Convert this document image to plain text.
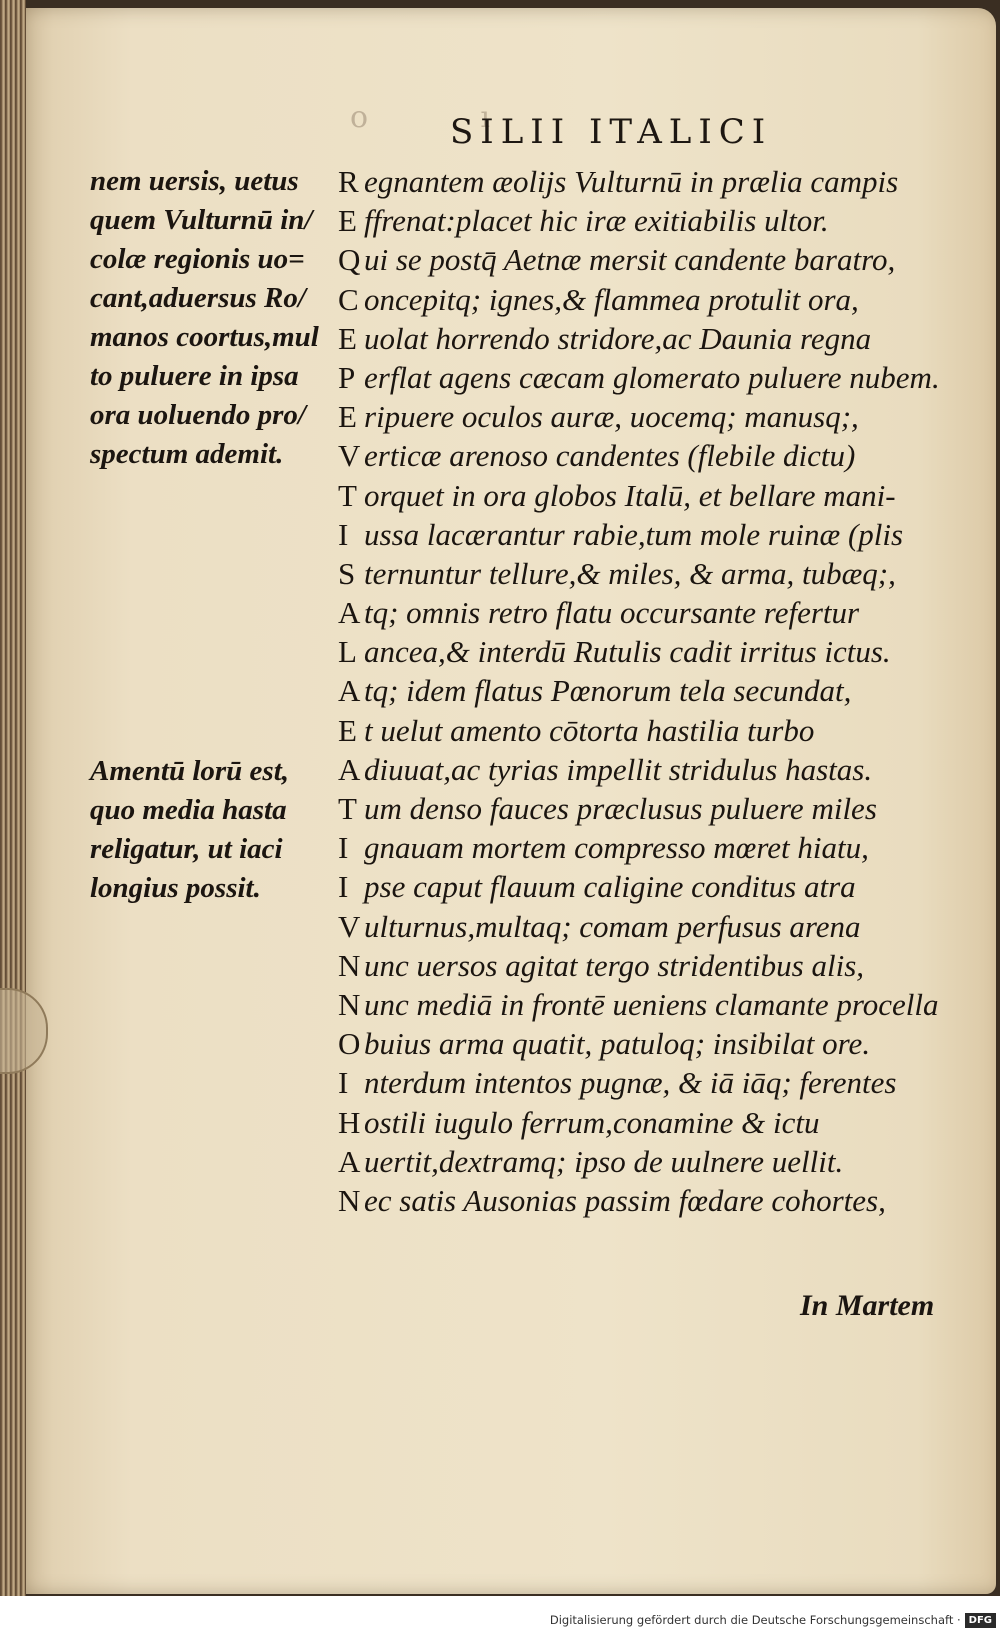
o        ı
SILII ITALICI
nem uersis, uetus
quem Vulturnū in/
colæ regionis uo=
cant,aduersus Ro/
manos coortus,mul
to puluere in ipsa
ora uoluendo pro/
spectum ademit.
Amentū lorū est,
quo media hasta
religatur, ut iaci
longius possit.
R egnantem æolijs Vulturnū in prælia campis
E ffrenat:placet hic iræ exitiabilis ultor.
Q ui se postq̄ Aetnæ mersit candente baratro,
C oncepitq; ignes,& flammea protulit ora,
E uolat horrendo stridore,ac Daunia regna
P erflat agens cæcam glomerato puluere nubem.
E ripuere oculos auræ, uocemq; manusq;,
V erticæ arenoso candentes (flebile dictu)
T orquet in ora globos Italū, et bellare mani-
I ussa lacærantur rabie,tum mole ruinæ (plis
S ternuntur tellure,& miles, & arma, tubæq;,
A tq; omnis retro flatu occursante refertur
L ancea,& interdū Rutulis cadit irritus ictus.
A tq; idem flatus Pœnorum tela secundat,
E t uelut amento cōtorta hastilia turbo
A diuuat,ac tyrias impellit stridulus hastas.
T um denso fauces præclusus puluere miles
I gnauam mortem compresso mœret hiatu,
I pse caput flauum caligine conditus atra
V ulturnus,multaq; comam perfusus arena
N unc uersos agitat tergo stridentibus alis,
N unc mediā in frontē ueniens clamante procella
O buius arma quatit, patuloq; insibilat ore.
I nterdum intentos pugnæ, & iā iāq; ferentes
H ostili iugulo ferrum,conamine & ictu
A uertit,dextramq; ipso de uulnere uellit.
N ec satis Ausonias passim fœdare cohortes,
In Martem
Digitalisierung gefördert durch die Deutsche Forschungsgemeinschaft · DFG
